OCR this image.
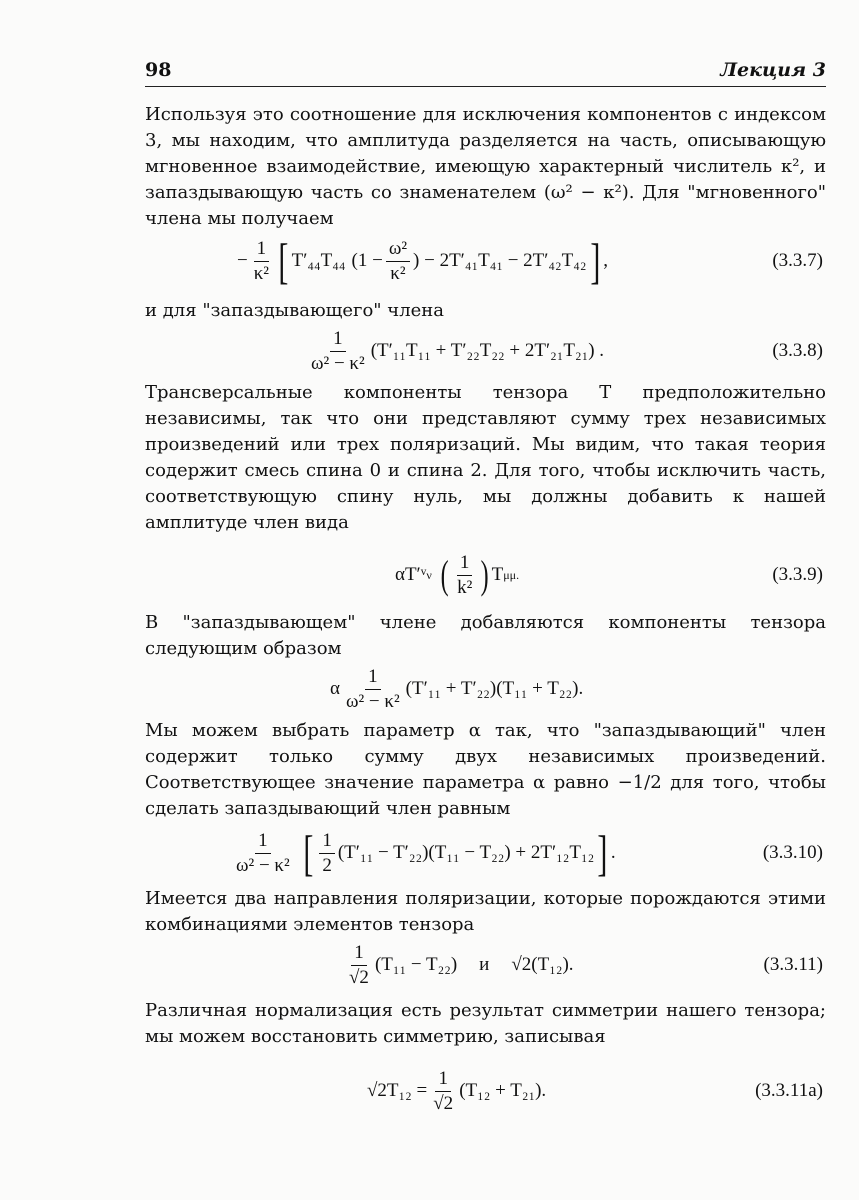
98	Лекция 3

Используя это соотношение для исключения компонентов с индексом 3, мы находим, что амплитуда разделяется на часть, описывающую мгновенное взаимодействие, имеющую характерный числитель κ², и запаздывающую часть со знаменателем (ω² − κ²). Для "мгновенного" члена мы получаем

− $\frac{1}{\text{κ²}}$ [ T′₄₄T₄₄ ($1 - \frac{\text{ω²}}{\text{κ²}}$ ) − 2T′₄₁T₄₁ − 2T′₄₂T₄₂ ] ,	(3.3.7)

и для "запаздывающего" члена

$\frac{1}{\text{ω² − κ²}} (T'_{11}T_{11} + T'_{22}T_{22} + 2T'_{21}T_{21})$ .	(3.3.8)

Трансверсальные компоненты тензора T предположительно независимы, так что они представляют сумму трех независимых произведений или трех поляризаций. Мы видим, что такая теория содержит смесь спина 0 и спина 2. Для того, чтобы исключить часть, соответствующую спину нуль, мы должны добавить к нашей амплитуде член вида

αT′ᵛ ν ( $\frac{1}{\text{k²}}$ ) T μ μ.	(3.3.9)

В "запаздывающем" члене добавляются компоненты тензора следующим образом

α $\frac{1}{\text{ω² − κ²}} (T'_{11} + T'_{22})(T_{11} + T_{22})$.

Мы можем выбрать параметр α так, что "запаздывающий" член содержит только сумму двух независимых произведений. Соответствующее значение параметра α равно −1/2 для того, чтобы сделать запаздывающий член равным

$\frac{1}{\text{ω² − κ²}}$ [ $\frac{1}{2} (T'_{11} - T'_{22})(T_{11} - T_{22}) + 2T'_{12}T_{12}$ ] .	(3.3.10)

Имеется два направления поляризации, которые порождаются этими комбинациями элементов тензора

$\frac{1}{√2} (T_{11} - T_{22})$ и √2(T₁₂).	(3.3.11)

Различная нормализация есть результат симметрии нашего тензора; мы можем восстановить симметрию, записывая

$√2T_{12} = \frac{1}{√2} (T_{12} + T_{21})$.	(3.3.11a)
